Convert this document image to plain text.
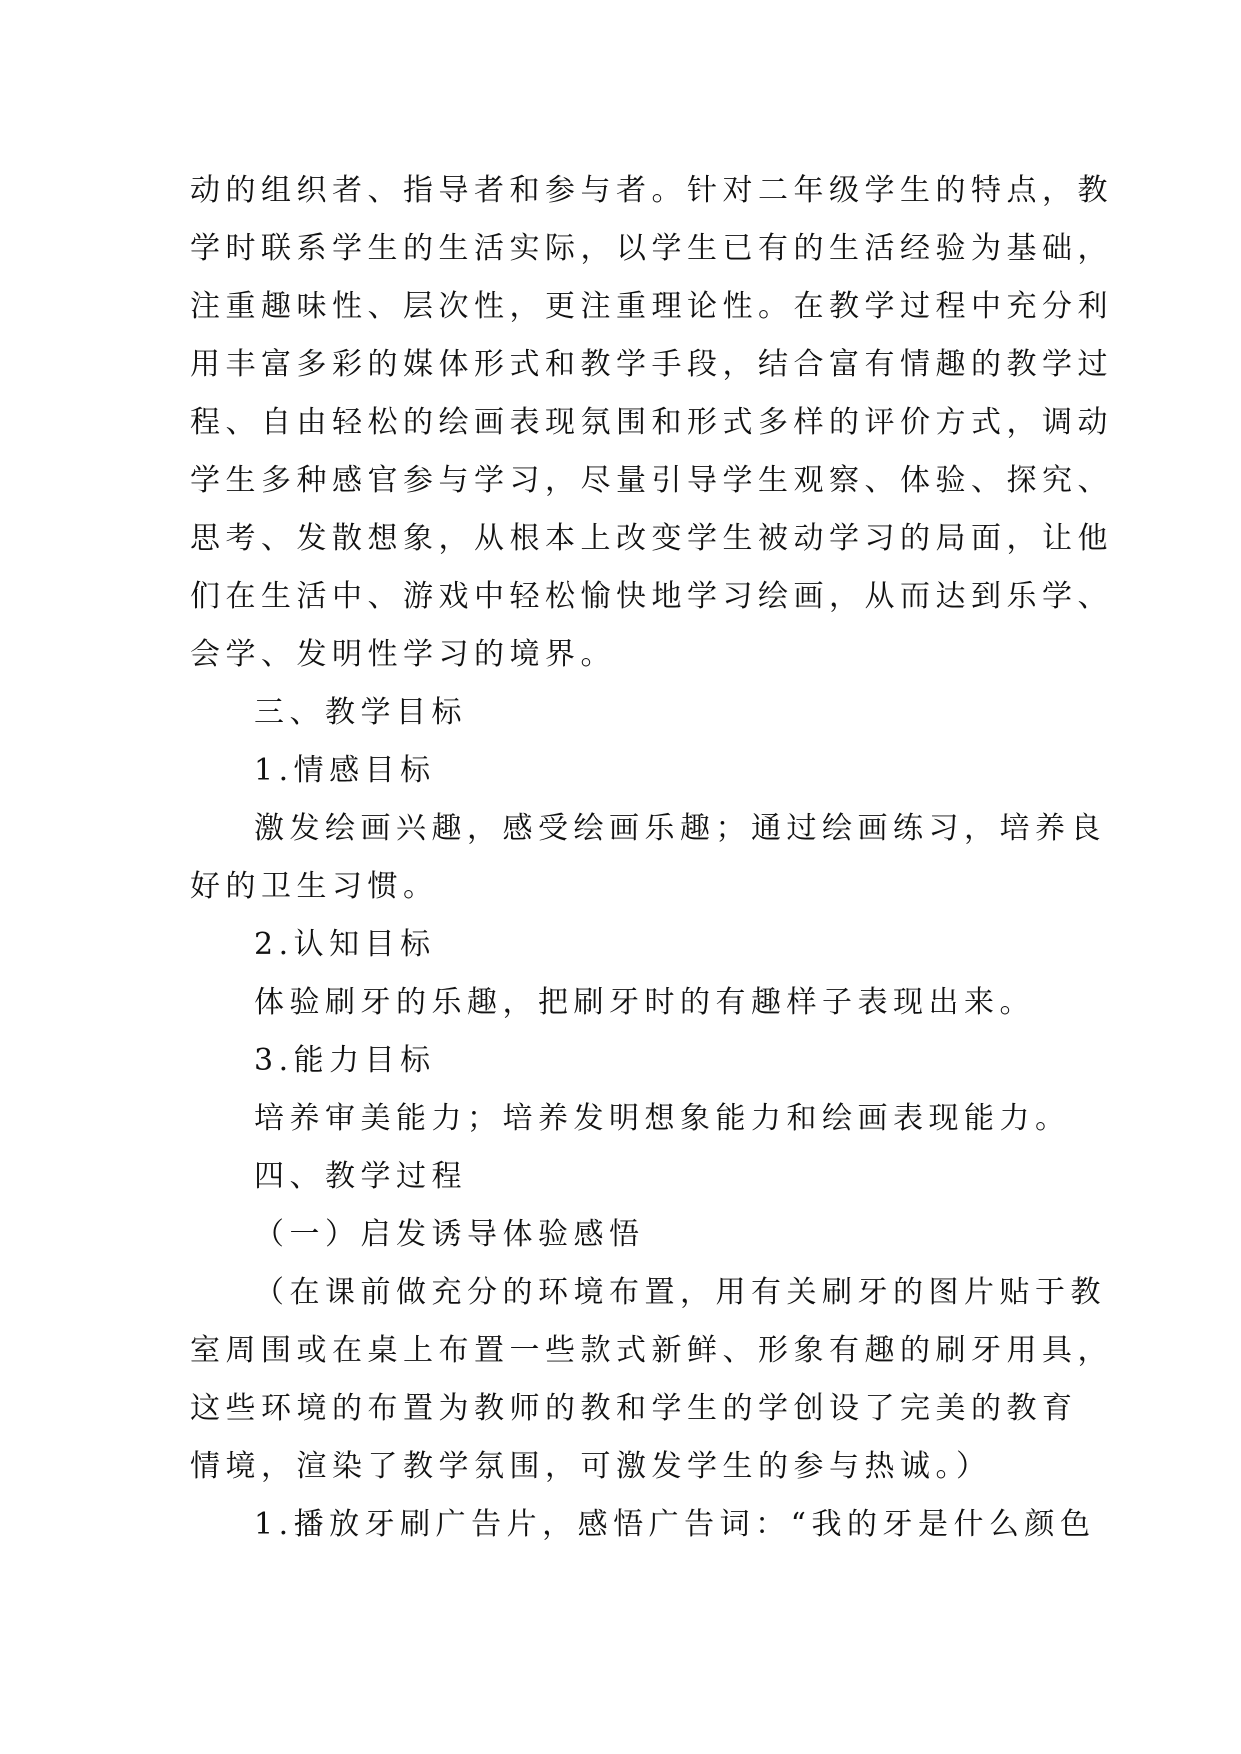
动的组织者、指导者和参与者。针对二年级学生的特点，教
学时联系学生的生活实际，以学生已有的生活经验为基础，
注重趣味性、层次性，更注重理论性。在教学过程中充分利
用丰富多彩的媒体形式和教学手段，结合富有情趣的教学过
程、自由轻松的绘画表现氛围和形式多样的评价方式，调动
学生多种感官参与学习，尽量引导学生观察、体验、探究、
思考、发散想象，从根本上改变学生被动学习的局面，让他
们在生活中、游戏中轻松愉快地学习绘画，从而达到乐学、
会学、发明性学习的境界。
三、教学目标
1.情感目标
激发绘画兴趣，感受绘画乐趣；通过绘画练习，培养良
好的卫生习惯。
2.认知目标
体验刷牙的乐趣，把刷牙时的有趣样子表现出来。
3.能力目标
培养审美能力；培养发明想象能力和绘画表现能力。
四、教学过程
（一）启发诱导体验感悟
（在课前做充分的环境布置，用有关刷牙的图片贴于教
室周围或在桌上布置一些款式新鲜、形象有趣的刷牙用具，
这些环境的布置为教师的教和学生的学创设了完美的教育
情境，渲染了教学氛围，可激发学生的参与热诚。）
1.播放牙刷广告片，感悟广告词：“我的牙是什么颜色
